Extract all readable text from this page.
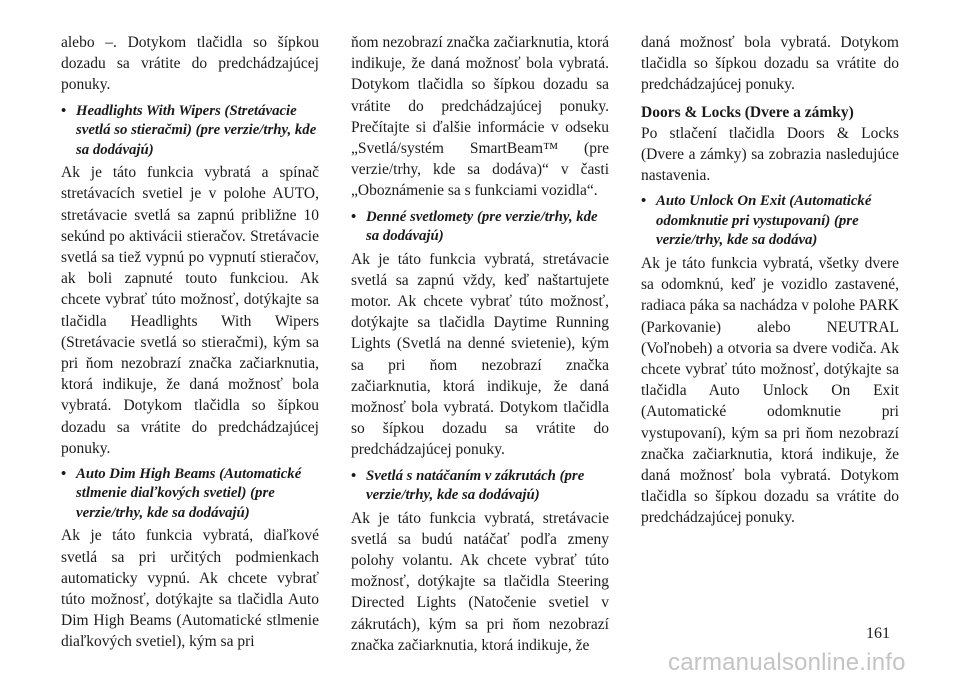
alebo –. Dotykom tlačidla so šípkou dozadu sa vrátite do predchádzajúcej ponuky.

• Headlights With Wipers (Stretávacie svetlá so stieračmi) (pre verzie/trhy, kde sa dodávajú)

Ak je táto funkcia vybratá a spínač stretávacích svetiel je v polohe AUTO, stretávacie svetlá sa zapnú približne 10 sekúnd po aktivácii stieračov. Stretávacie svetlá sa tiež vypnú po vypnutí stieračov, ak boli zapnuté touto funkciou. Ak chcete vybrať túto možnosť, dotýkajte sa tlačidla Headlights With Wipers (Stretávacie svetlá so stieračmi), kým sa pri ňom nezobrazí značka začiarknutia, ktorá indikuje, že daná možnosť bola vybratá. Dotykom tlačidla so šípkou dozadu sa vrátite do predchádzajúcej ponuky.

• Auto Dim High Beams (Automatické stlmenie diaľkových svetiel) (pre verzie/trhy, kde sa dodávajú)

Ak je táto funkcia vybratá, diaľkové svetlá sa pri určitých podmienkach automaticky vypnú. Ak chcete vybrať túto možnosť, dotýkajte sa tlačidla Auto Dim High Beams (Automatické stlmenie diaľkových svetiel), kým sa pri

ňom nezobrazí značka začiarknutia, ktorá indikuje, že daná možnosť bola vybratá. Dotykom tlačidla so šípkou dozadu sa vrátite do predchádzajúcej ponuky. Prečítajte si ďalšie informácie v odseku „Svetlá/systém SmartBeam™ (pre verzie/trhy, kde sa dodáva)“ v časti „Oboznámenie sa s funkciami vozidla“.

• Denné svetlomety (pre verzie/trhy, kde sa dodávajú)

Ak je táto funkcia vybratá, stretávacie svetlá sa zapnú vždy, keď naštartujete motor. Ak chcete vybrať túto možnosť, dotýkajte sa tlačidla Daytime Running Lights (Svetlá na denné svietenie), kým sa pri ňom nezobrazí značka začiarknutia, ktorá indikuje, že daná možnosť bola vybratá. Dotykom tlačidla so šípkou dozadu sa vrátite do predchádzajúcej ponuky.

• Svetlá s natáčaním v zákrutách (pre verzie/trhy, kde sa dodávajú)

Ak je táto funkcia vybratá, stretávacie svetlá sa budú natáčať podľa zmeny polohy volantu. Ak chcete vybrať túto možnosť, dotýkajte sa tlačidla Steering Directed Lights (Natočenie svetiel v zákrutách), kým sa pri ňom nezobrazí značka začiarknutia, ktorá indikuje, že

daná možnosť bola vybratá. Dotykom tlačidla so šípkou dozadu sa vrátite do predchádzajúcej ponuky.

Doors & Locks (Dvere a zámky)

Po stlačení tlačidla Doors & Locks (Dvere a zámky) sa zobrazia nasledujúce nastavenia.

• Auto Unlock On Exit (Automatické odomknutie pri vystupovaní) (pre verzie/trhy, kde sa dodáva)

Ak je táto funkcia vybratá, všetky dvere sa odomknú, keď je vozidlo zastavené, radiaca páka sa nachádza v polohe PARK (Parkovanie) alebo NEUTRAL (Voľnobeh) a otvoria sa dvere vodiča. Ak chcete vybrať túto možnosť, dotýkajte sa tlačidla Auto Unlock On Exit (Automatické odomknutie pri vystupovaní), kým sa pri ňom nezobrazí značka začiarknutia, ktorá indikuje, že daná možnosť bola vybratá. Dotykom tlačidla so šípkou dozadu sa vrátite do predchádzajúcej ponuky.

161
carmanualsonline.info
